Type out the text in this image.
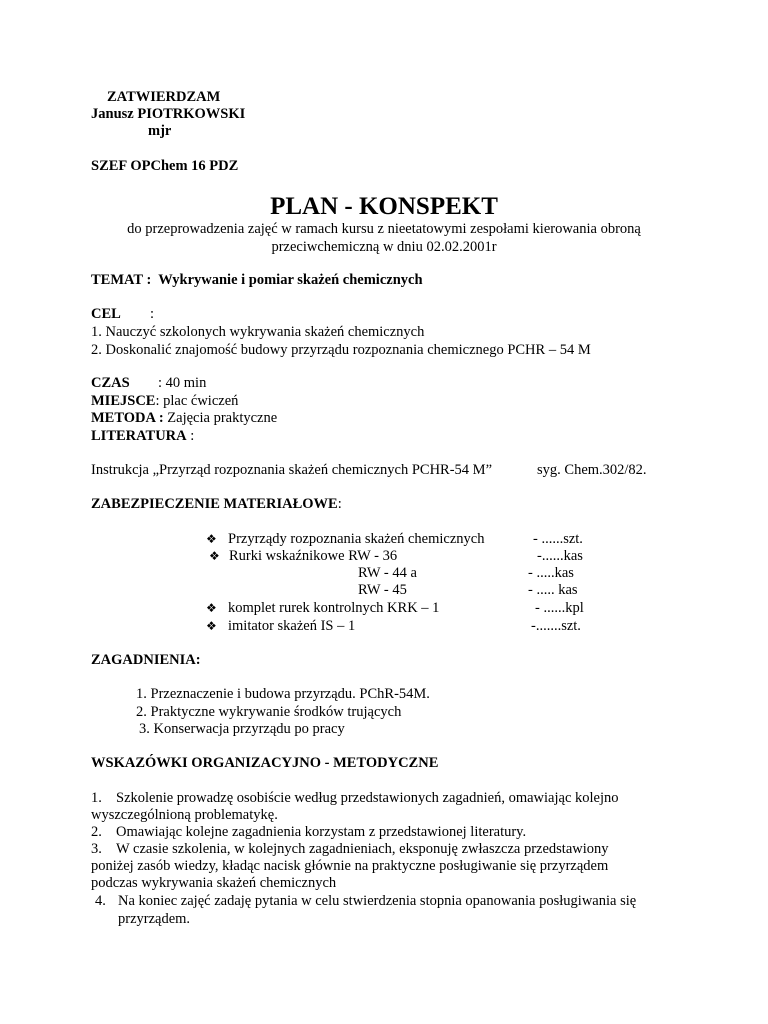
ZATWIERDZAM
Janusz PIOTRKOWSKI
mjr
SZEF OPChem 16 PDZ
PLAN - KONSPEKT
do przeprowadzenia zajęć w ramach kursu z nieetatowymi zespołami kierowania obroną
przeciwchemiczną w dniu 02.02.2001r
TEMAT : Wykrywanie i pomiar skażeń chemicznych
CEL :
1. Nauczyć szkolonych wykrywania skażeń chemicznych
2. Doskonalić znajomość budowy przyrządu rozpoznania chemicznego PCHR – 54 M
CZAS : 40 min
MIEJSCE: plac ćwiczeń
METODA : Zajęcia praktyczne
LITERATURA :
Instrukcja „Przyrząd rozpoznania skażeń chemicznych PCHR-54 M”	syg. Chem.302/82.
ZABEZPIECZENIE MATERIAŁOWE:
❖ Przyrządy rozpoznania skażeń chemicznych	- ......szt.
❖ Rurki wskaźnikowe RW - 36	-......kas
RW - 44 a	- .....kas
RW - 45	- ..... kas
❖ komplet rurek kontrolnych KRK – 1	- ......kpl
❖ imitator skażeń IS – 1	-.......szt.
ZAGADNIENIA:
1. Przeznaczenie i budowa przyrządu. PChR-54M.
2. Praktyczne wykrywanie środków trujących
3. Konserwacja przyrządu po pracy
WSKAZÓWKI ORGANIZACYJNO - METODYCZNE
1. Szkolenie prowadzę osobiście według przedstawionych zagadnień, omawiając kolejno
wyszczególnioną problematykę.
2. Omawiając kolejne zagadnienia korzystam z przedstawionej literatury.
3. W czasie szkolenia, w kolejnych zagadnieniach, eksponuję zwłaszcza przedstawiony
poniżej zasób wiedzy, kładąc nacisk głównie na praktyczne posługiwanie się przyrządem
podczas wykrywania skażeń chemicznych
4. Na koniec zajęć zadaję pytania w celu stwierdzenia stopnia opanowania posługiwania się
przyrządem.
